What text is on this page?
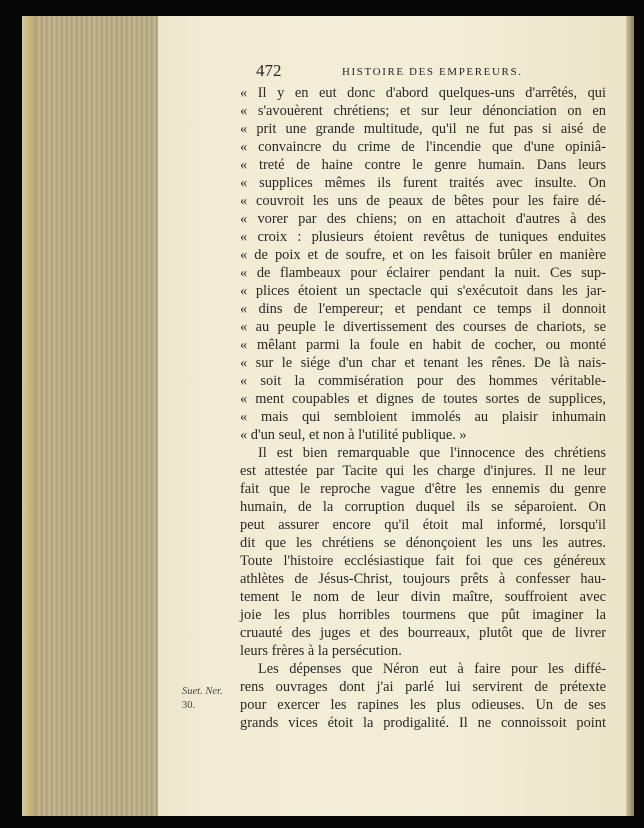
472	HISTOIRE DES EMPEREURS.
« Il y en eut donc d'abord quelques-uns d'arrêtés, qui
« s'avouèrent chrétiens; et sur leur dénonciation on en
« prit une grande multitude, qu'il ne fut pas si aisé de
« convaincre du crime de l'incendie que d'une opiniâ-
« treté de haine contre le genre humain. Dans leurs
« supplices mêmes ils furent traités avec insulte. On
« couvroit les uns de peaux de bêtes pour les faire dé-
« vorer par des chiens; on en attachoit d'autres à des
« croix : plusieurs étoient revêtus de tuniques enduites
« de poix et de soufre, et on les faisoit brûler en manière
« de flambeaux pour éclairer pendant la nuit. Ces sup-
« plices étoient un spectacle qui s'exécutoit dans les jar-
« dins de l'empereur; et pendant ce temps il donnoit
« au peuple le divertissement des courses de chariots, se
« mêlant parmi la foule en habit de cocher, ou monté
« sur le siége d'un char et tenant les rênes. De là nais-
« soit la commisération pour des hommes véritable-
« ment coupables et dignes de toutes sortes de supplices,
« mais qui sembloient immolés au plaisir inhumain
« d'un seul, et non à l'utilité publique. »
Il est bien remarquable que l'innocence des chrétiens
est attestée par Tacite qui les charge d'injures. Il ne leur
fait que le reproche vague d'être les ennemis du genre
humain, de la corruption duquel ils se séparoient. On
peut assurer encore qu'il étoit mal informé, lorsqu'il
dit que les chrétiens se dénonçoient les uns les autres.
Toute l'histoire ecclésiastique fait foi que ces généreux
athlètes de Jésus-Christ, toujours prêts à confesser hau-
tement le nom de leur divin maître, souffroient avec
joie les plus horribles tourmens que pût imaginer la
cruauté des juges et des bourreaux, plutôt que de livrer
leurs frères à la persécution.
Les dépenses que Néron eut à faire pour les diffé-
rens ouvrages dont j'ai parlé lui servirent de prétexte
pour exercer les rapines les plus odieuses. Un de ses
grands vices étoit la prodigalité. Il ne connoissoit point
Suet. Ner.
30.
